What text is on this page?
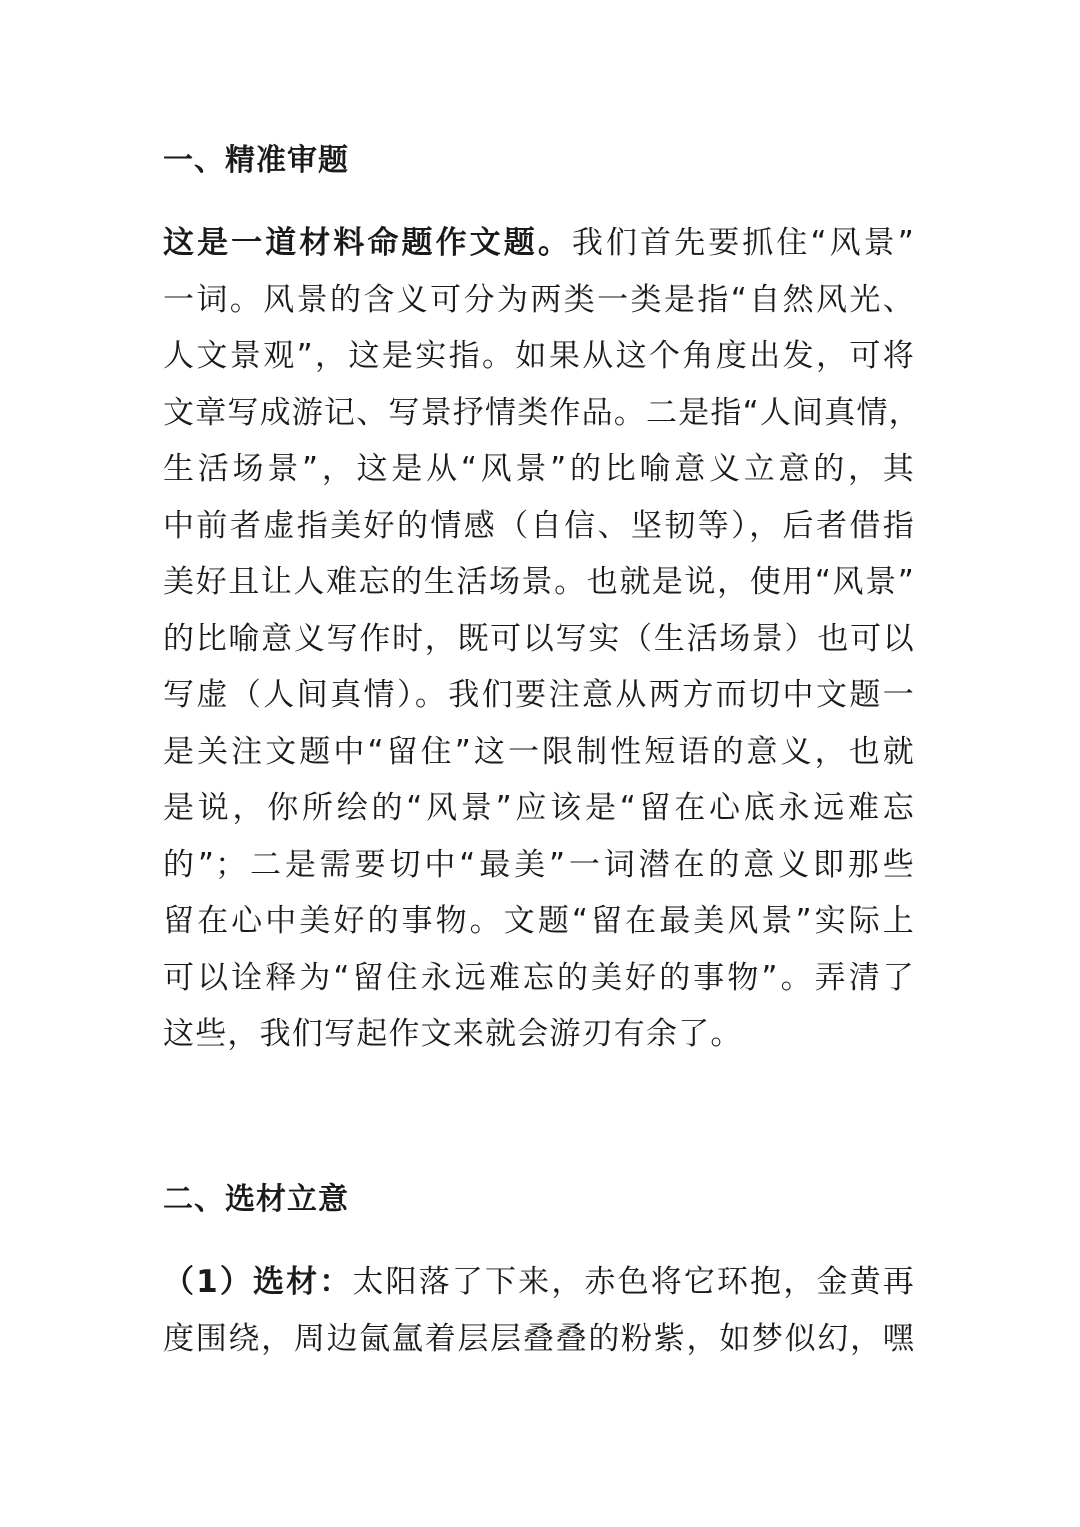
一、精准审题
这是一道材料命题作文题。我们首先要抓住“风景”
一词。风景的含义可分为两类一类是指“自然风光、
人文景观”，这是实指。如果从这个角度出发，可将
文章写成游记、写景抒情类作品。二是指“人间真情，
生活场景”，这是从“风景”的比喻意义立意的，其
中前者虚指美好的情感（自信、坚韧等），后者借指
美好且让人难忘的生活场景。也就是说，使用“风景”
的比喻意义写作时，既可以写实（生活场景）也可以
写虚（人间真情）。我们要注意从两方而切中文题一
是关注文题中“留住”这一限制性短语的意义，也就
是说，你所绘的“风景”应该是“留在心底永远难忘
的”；二是需要切中“最美”一词潜在的意义即那些
留在心中美好的事物。文题“留在最美风景”实际上
可以诠释为“留住永远难忘的美好的事物”。弄清了
这些，我们写起作文来就会游刃有余了。
二、选材立意
（1）选材：太阳落了下来，赤色将它环抱，金黄再
度围绕，周边氤氲着层层叠叠的粉紫，如梦似幻，嘿
